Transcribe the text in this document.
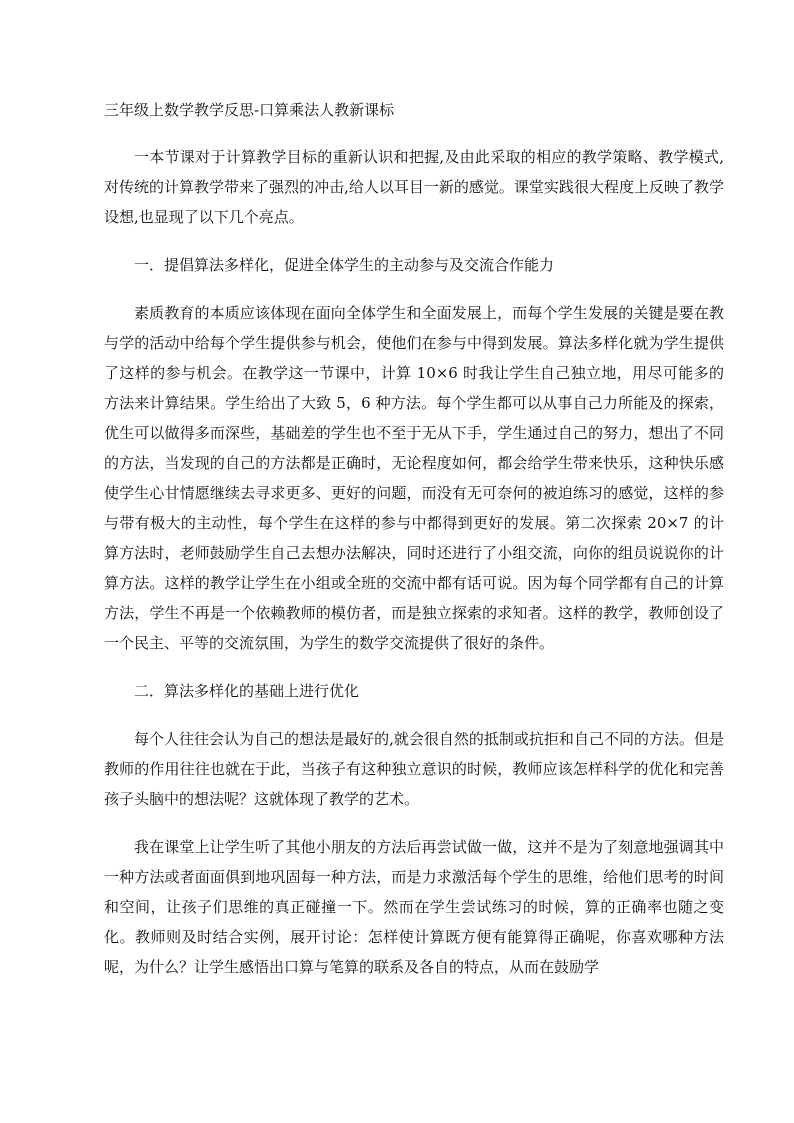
三年级上数学教学反思-口算乘法人教新课标

一本节课对于计算教学目标的重新认识和把握,及由此采取的相应的教学策略、教学模式,对传统的计算教学带来了强烈的冲击,给人以耳目一新的感觉。课堂实践很大程度上反映了教学设想,也显现了以下几个亮点。

一．提倡算法多样化，促进全体学生的主动参与及交流合作能力

素质教育的本质应该体现在面向全体学生和全面发展上，而每个学生发展的关键是要在教与学的活动中给每个学生提供参与机会，使他们在参与中得到发展。算法多样化就为学生提供了这样的参与机会。在教学这一节课中，计算 10×6 时我让学生自己独立地，用尽可能多的方法来计算结果。学生给出了大致 5，6 种方法。每个学生都可以从事自己力所能及的探索，优生可以做得多而深些，基础差的学生也不至于无从下手，学生通过自己的努力，想出了不同的方法，当发现的自己的方法都是正确时，无论程度如何，都会给学生带来快乐，这种快乐感使学生心甘情愿继续去寻求更多、更好的问题，而没有无可奈何的被迫练习的感觉，这样的参与带有极大的主动性，每个学生在这样的参与中都得到更好的发展。第二次探索 20×7 的计算方法时，老师鼓励学生自己去想办法解决，同时还进行了小组交流，向你的组员说说你的计算方法。这样的教学让学生在小组或全班的交流中都有话可说。因为每个同学都有自己的计算方法，学生不再是一个依赖教师的模仿者，而是独立探索的求知者。这样的教学，教师创设了一个民主、平等的交流氛围，为学生的数学交流提供了很好的条件。

二．算法多样化的基础上进行优化

每个人往往会认为自己的想法是最好的,就会很自然的抵制或抗拒和自己不同的方法。但是教师的作用往往也就在于此，当孩子有这种独立意识的时候，教师应该怎样科学的优化和完善孩子头脑中的想法呢？这就体现了教学的艺术。

我在课堂上让学生听了其他小朋友的方法后再尝试做一做，这并不是为了刻意地强调其中一种方法或者面面俱到地巩固每一种方法，而是力求激活每个学生的思维，给他们思考的时间和空间，让孩子们思维的真正碰撞一下。然而在学生尝试练习的时候，算的正确率也随之变化。教师则及时结合实例，展开讨论：怎样使计算既方便有能算得正确呢，你喜欢哪种方法呢，为什么？让学生感悟出口算与笔算的联系及各自的特点，从而在鼓励学
